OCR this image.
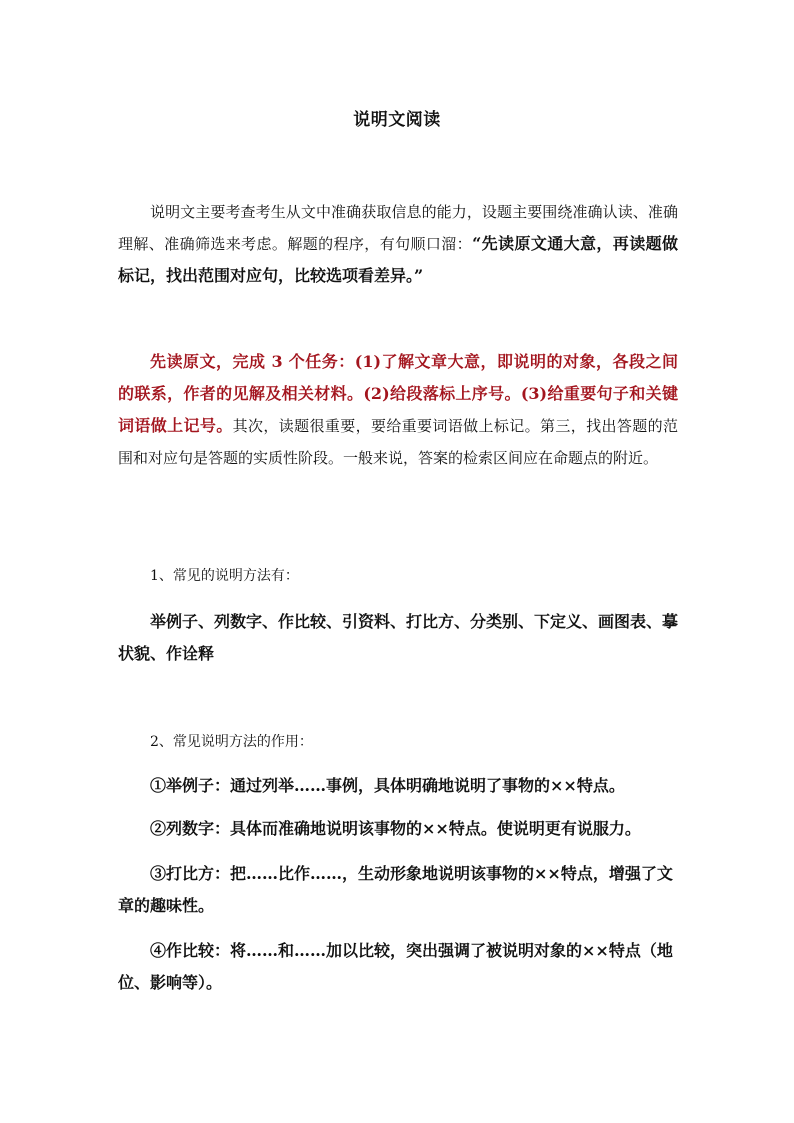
说明文阅读

说明文主要考查考生从文中准确获取信息的能力，设题主要围绕准确认读、准确理解、准确筛选来考虑。解题的程序，有句顺口溜：“先读原文通大意，再读题做标记，找出范围对应句，比较选项看差异。”

先读原文，完成 3 个任务：(1)了解文章大意，即说明的对象，各段之间的联系，作者的见解及相关材料。(2)给段落标上序号。(3)给重要句子和关键词语做上记号。其次，读题很重要，要给重要词语做上标记。第三，找出答题的范围和对应句是答题的实质性阶段。一般来说，答案的检索区间应在命题点的附近。

1、常见的说明方法有：

举例子、列数字、作比较、引资料、打比方、分类别、下定义、画图表、摹状貌、作诠释

2、常见说明方法的作用：

①举例子：通过列举……事例，具体明确地说明了事物的××特点。

②列数字：具体而准确地说明该事物的××特点。使说明更有说服力。

③打比方：把……比作……，生动形象地说明该事物的××特点，增强了文章的趣味性。

④作比较：将……和……加以比较，突出强调了被说明对象的××特点（地位、影响等）。
